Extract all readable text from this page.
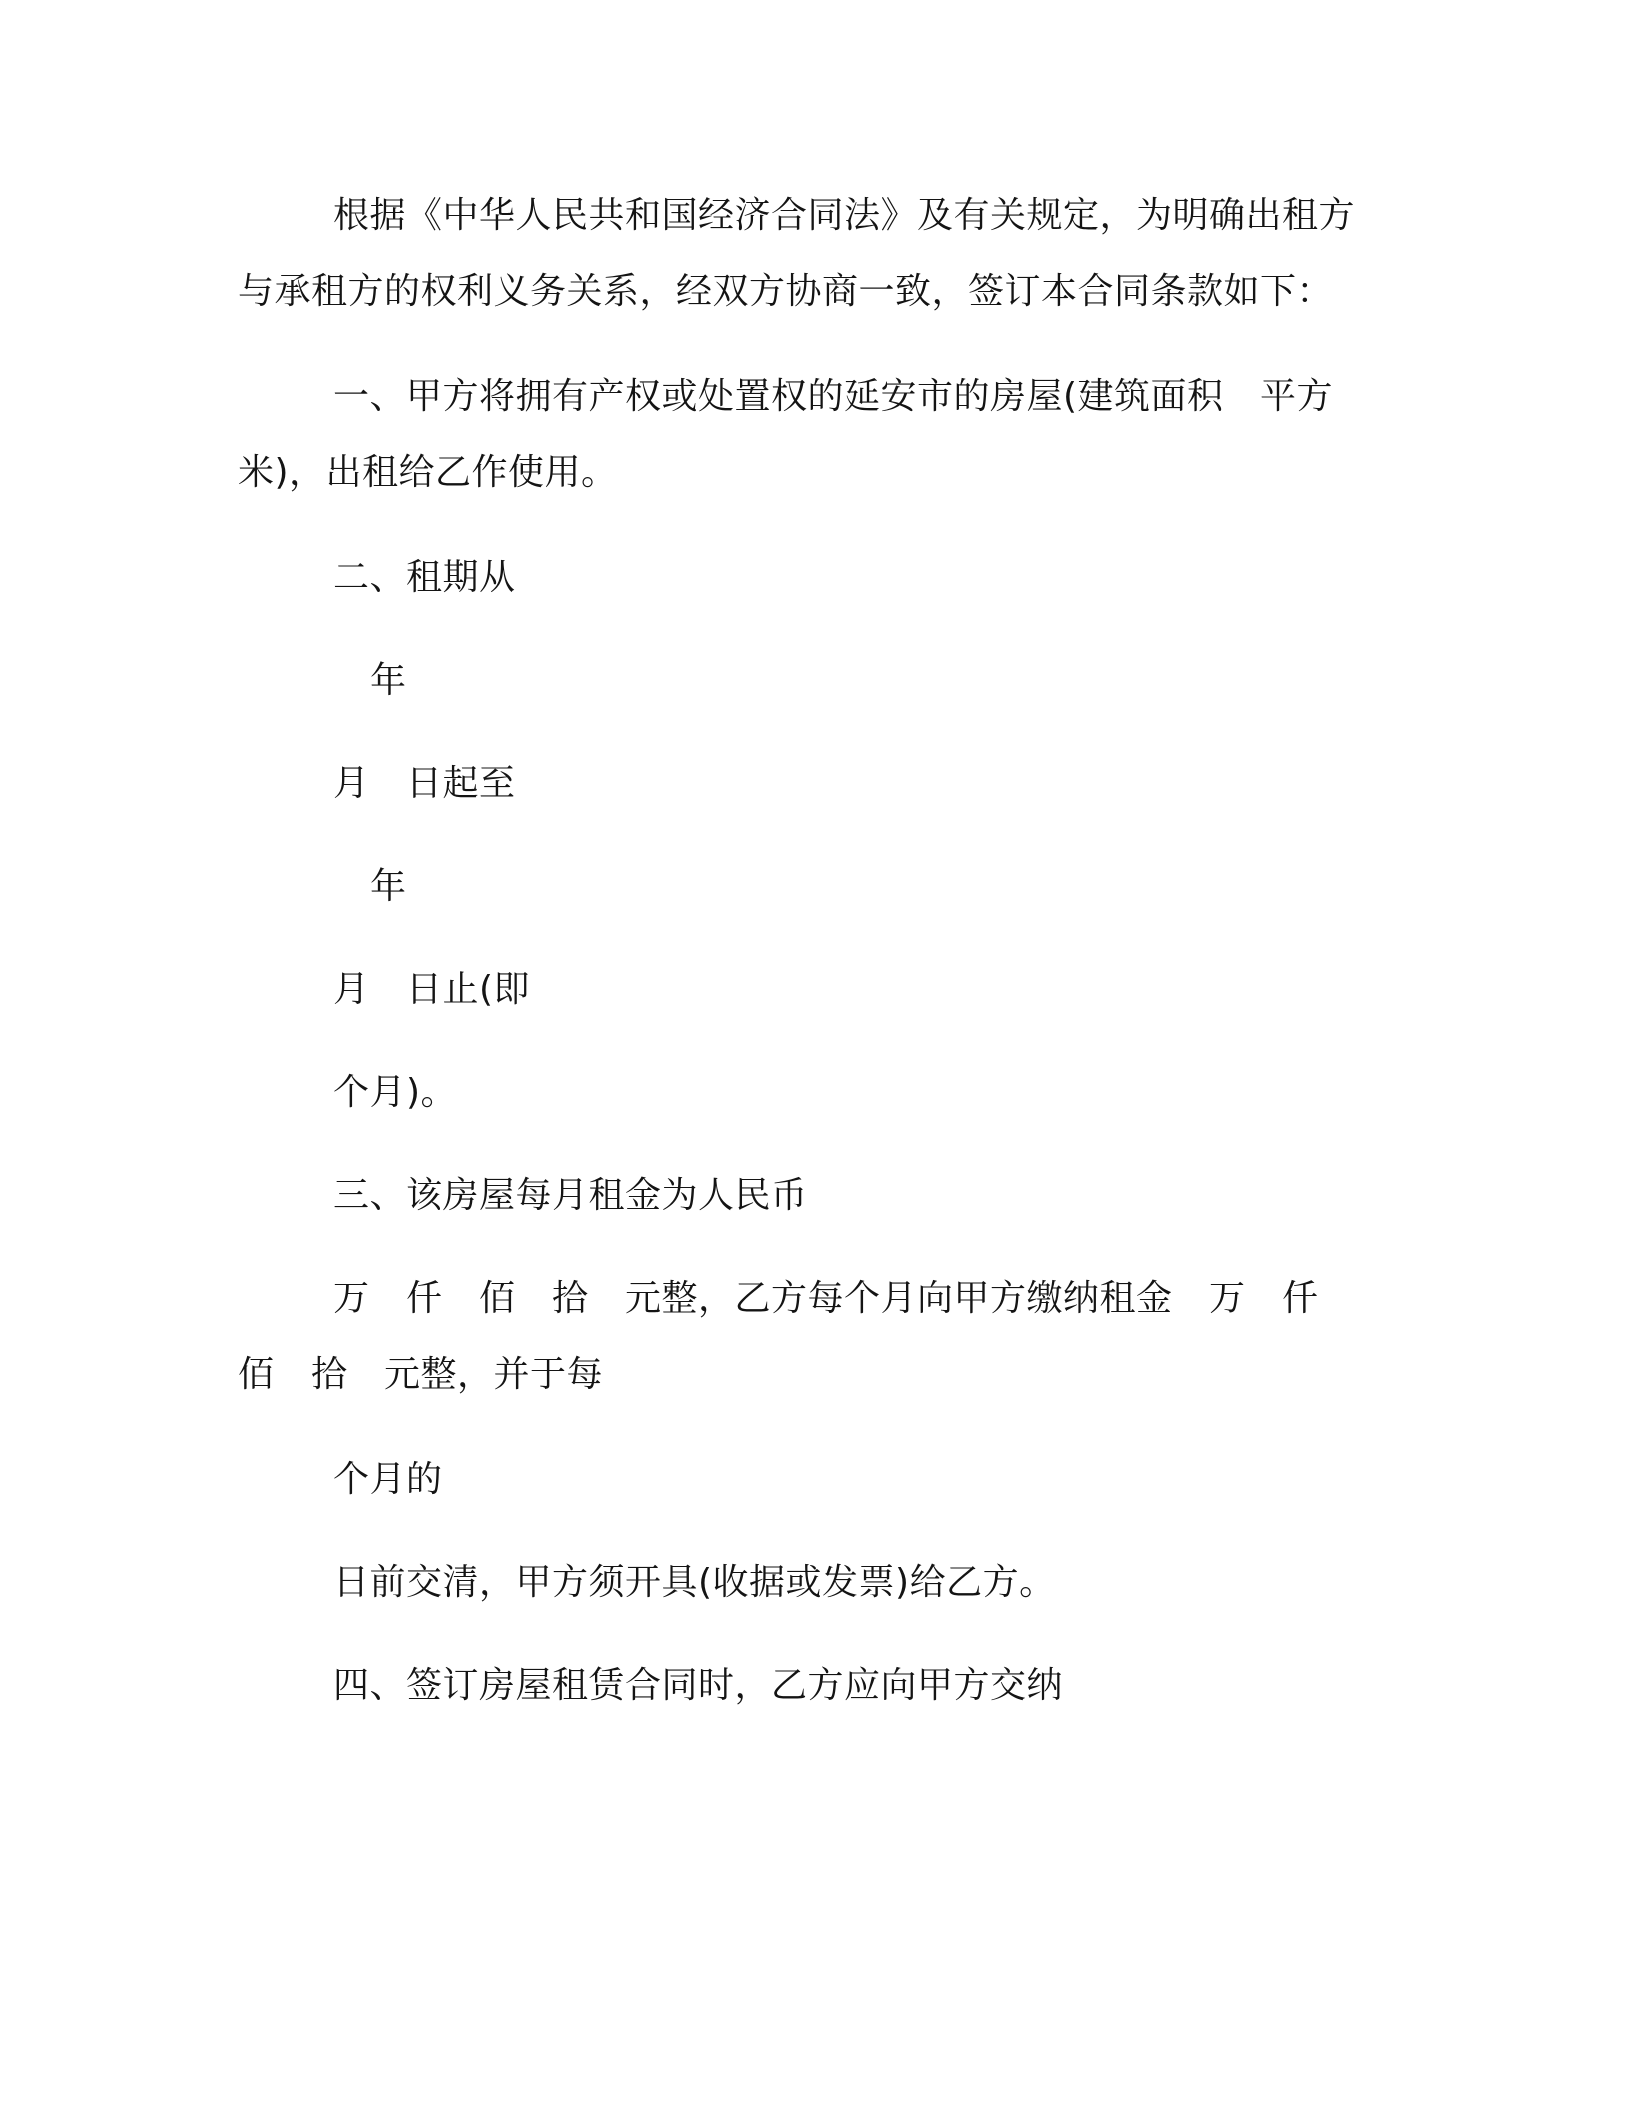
根据《中华人民共和国经济合同法》及有关规定，为明确出租方
与承租方的权利义务关系，经双方协商一致，签订本合同条款如下：
一、甲方将拥有产权或处置权的延安市的房屋(建筑面积　平方
米)，出租给乙作使用。
二、租期从
年
月　日起至
年
月　日止(即
个月)。
三、该房屋每月租金为人民币
万　仟　佰　拾　元整，乙方每个月向甲方缴纳租金　万　仟
佰　拾　元整，并于每
个月的
日前交清，甲方须开具(收据或发票)给乙方。
四、签订房屋租赁合同时，乙方应向甲方交纳
